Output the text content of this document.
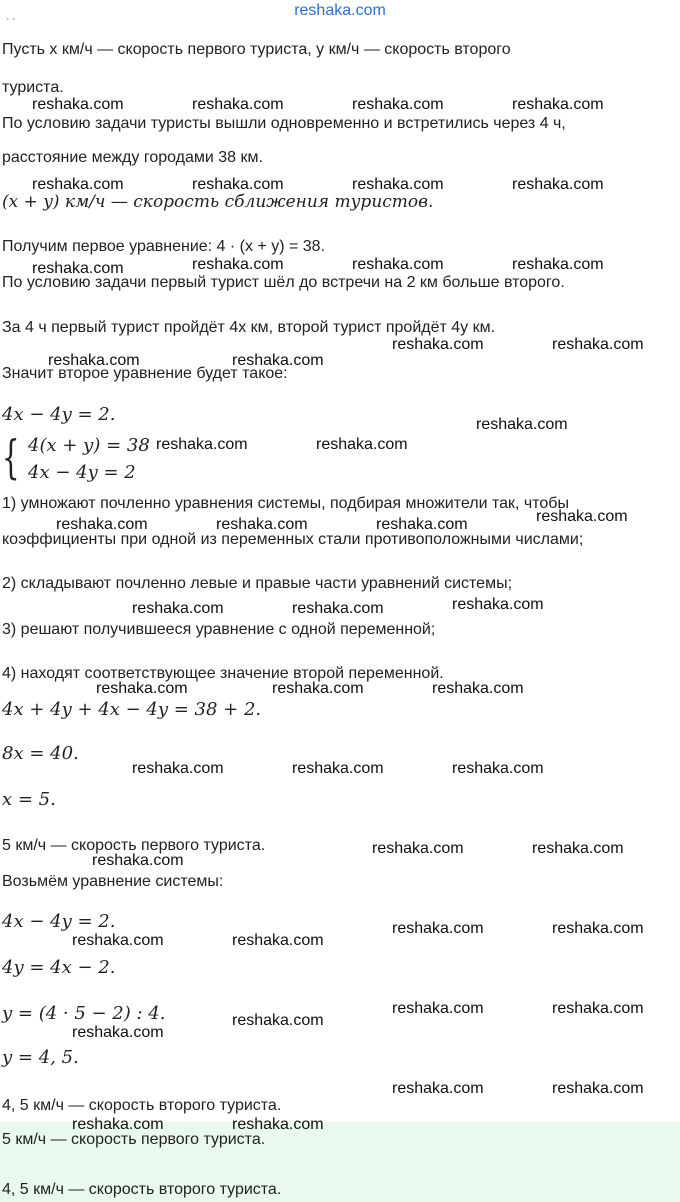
reshaka.com
` `
Пусть x км/ч — скорость первого туриста, y км/ч — скорость второго
туриста.
По условию задачи туристы вышли одновременно и встретились через 4 ч,
расстояние между городами 38 км.
(x + y) км/ч — скорость сближения туристов.
Получим первое уравнение: 4 · (x + y) = 38.
По условию задачи первый турист шёл до встречи на 2 км больше второго.
За 4 ч первый турист пройдёт 4x км, второй турист пройдёт 4y км.
Значит второе уравнение будет такое:
4x − 4y = 2.
{ 4(x + y) = 38
4x − 4y = 2
1) умножают почленно уравнения системы, подбирая множители так, чтобы
коэффициенты при одной из переменных стали противоположными числами;
2) складывают почленно левые и правые части уравнений системы;
3) решают получившееся уравнение с одной переменной;
4) находят соответствующее значение второй переменной.
4x + 4y + 4x − 4y = 38 + 2.
8x = 40.
x = 5.
5 км/ч — скорость первого туриста.
Возьмём уравнение системы:
4x − 4y = 2.
4y = 4x − 2.
y = (4 · 5 − 2) : 4.
y = 4, 5.
4, 5 км/ч — скорость второго туриста.
5 км/ч — скорость первого туриста.
4, 5 км/ч — скорость второго туриста.
reshaka.com	reshaka.com	reshaka.com	reshaka.com
reshaka.com	reshaka.com	reshaka.com	reshaka.com
reshaka.com	reshaka.com	reshaka.com	reshaka.com
reshaka.com	reshaka.com
reshaka.com	reshaka.com
reshaka.com
reshaka.com	reshaka.com
reshaka.com
reshaka.com	reshaka.com	reshaka.com
reshaka.com
reshaka.com	reshaka.com
reshaka.com	reshaka.com	reshaka.com
reshaka.com	reshaka.com	reshaka.com
reshaka.com	reshaka.com
reshaka.com
reshaka.com	reshaka.com
reshaka.com	reshaka.com
reshaka.com	reshaka.com
reshaka.com
reshaka.com
reshaka.com	reshaka.com
reshaka.com	reshaka.com
